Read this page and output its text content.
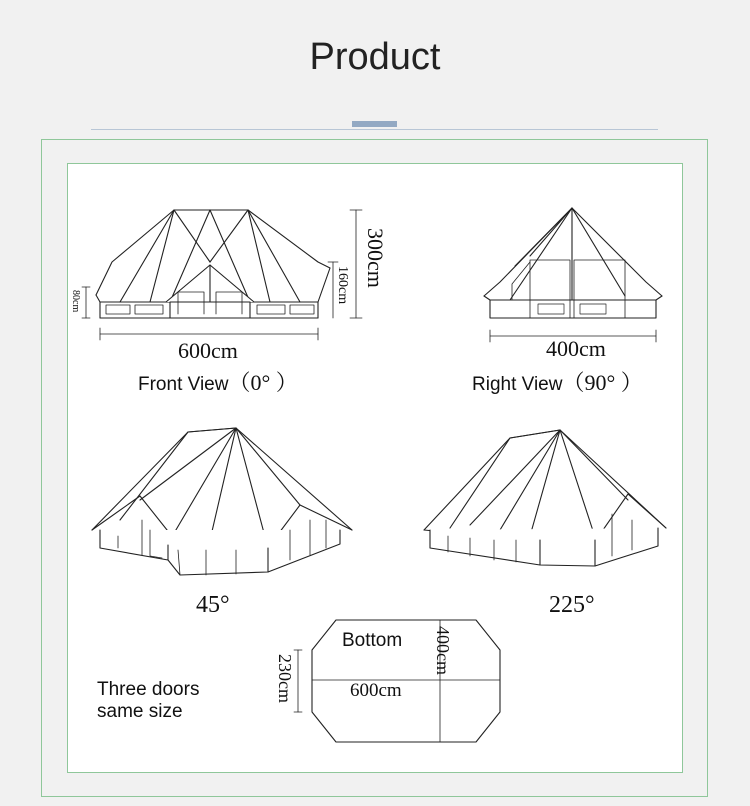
Product
600cm
300cm
160cm
80cm
Front View（0° ）
400cm
Right View（90° ）
45°	225°
Bottom
600cm
400cm
230cm
Three doors
same size
